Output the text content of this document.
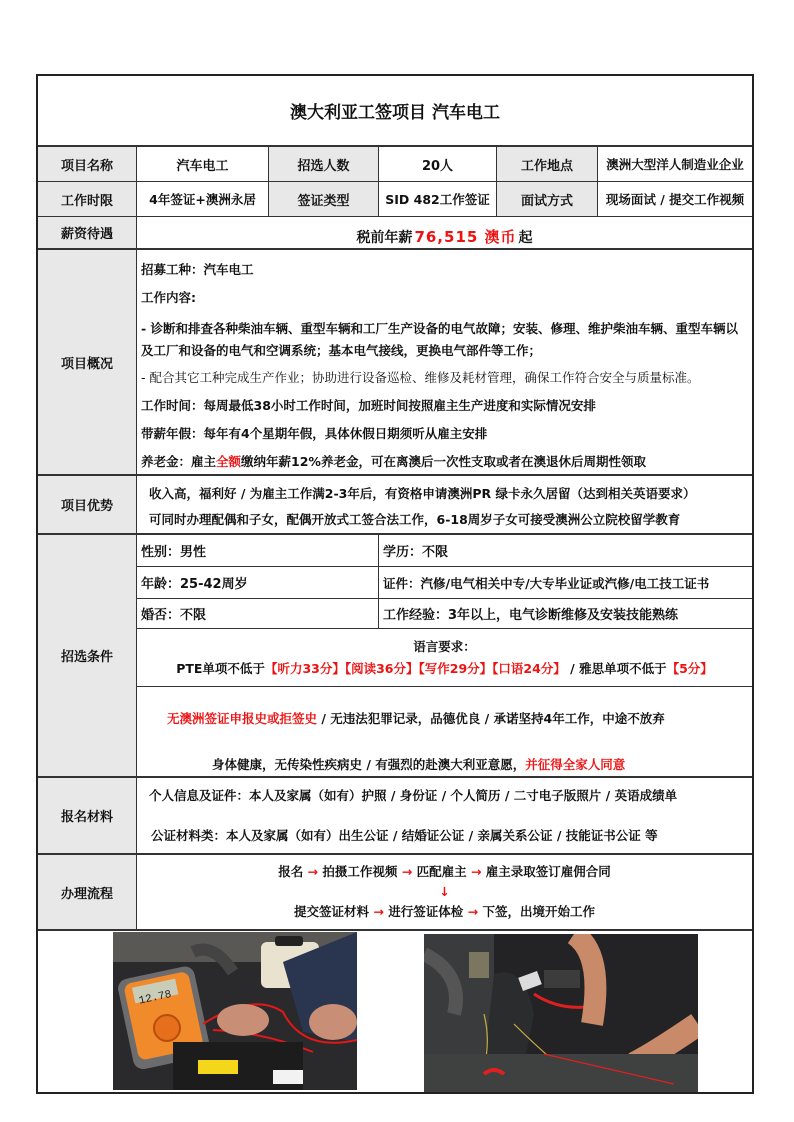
澳大利亚工签项目 汽车电工
项目名称	汽车电工	招选人数	20人	工作地点	澳洲大型洋人制造业企业
工作时限	4年签证+澳洲永居	签证类型	SID 482工作签证	面试方式	现场面试 / 提交工作视频
薪资待遇	税前年薪 76,515 澳币 起
项目概况
招募工种：汽车电工
工作内容:
- 诊断和排查各种柴油车辆、重型车辆和工厂生产设备的电气故障；安装、修理、维护柴油车辆、重型车辆以及工厂和设备的电气和空调系统；基本电气接线，更换电气部件等工作；
- 配合其它工种完成生产作业；协助进行设备巡检、维修及耗材管理，确保工作符合安全与质量标准。
工作时间：每周最低38小时工作时间，加班时间按照雇主生产进度和实际情况安排
带薪年假：每年有4个星期年假，具体休假日期须听从雇主安排
养老金：雇主全额缴纳年薪12%养老金，可在离澳后一次性支取或者在澳退休后周期性领取
项目优势
收入高，福利好 / 为雇主工作满2-3年后，有资格申请澳洲PR 绿卡永久居留（达到相关英语要求）
可同时办理配偶和子女，配偶开放式工签合法工作，6-18周岁子女可接受澳洲公立院校留学教育
招选条件
性别：男性	学历：不限
年龄：25-42周岁	证件：汽修/电气相关中专/大专毕业证或汽修/电工技工证书
婚否：不限	工作经验：3年以上，电气诊断维修及安装技能熟练
语言要求：
PTE单项不低于【听力33分】【阅读36分】【写作29分】【口语24分】 / 雅思单项不低于【5分】
无澳洲签证申报史或拒签史 / 无违法犯罪记录，品德优良 / 承诺坚持4年工作，中途不放弃
身体健康，无传染性疾病史 / 有强烈的赴澳大利亚意愿，并征得全家人同意
报名材料
个人信息及证件：本人及家属（如有）护照 / 身份证 / 个人简历 / 二寸电子版照片 / 英语成绩单
公证材料类：本人及家属（如有）出生公证 / 结婚证公证 / 亲属关系公证 / 技能证书公证 等
办理流程
报名 → 拍摄工作视频 → 匹配雇主 → 雇主录取签订雇佣合同
↓
提交签证材料 → 进行签证体检 → 下签，出境开始工作
12.78
